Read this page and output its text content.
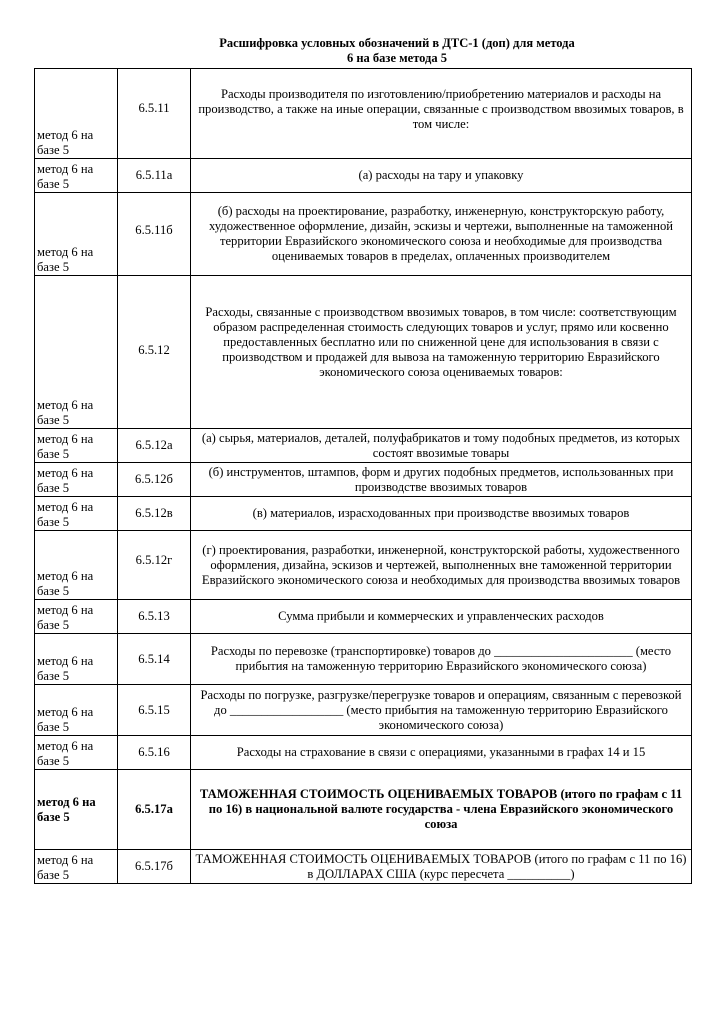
Расшифровка условных обозначений в ДТС-1 (доп) для метода
6 на базе метода 5
метод 6 на базе 5	6.5.11	Расходы производителя по изготовлению/приобретению материалов и расходы на производство, а также на иные операции, связанные с производством ввозимых товаров, в том числе:
метод 6 на базе 5	6.5.11а	(а) расходы на тару и упаковку
метод 6 на базе 5	6.5.11б	(б) расходы на проектирование, разработку, инженерную, конструкторскую работу, художественное оформление, дизайн, эскизы и чертежи, выполненные на таможенной территории Евразийского экономического союза и необходимые для производства оцениваемых товаров в пределах, оплаченных производителем
метод 6 на базе 5	6.5.12	Расходы, связанные с производством ввозимых товаров, в том числе: соответствующим образом распределенная стоимость следующих товаров и услуг, прямо или косвенно предоставленных бесплатно или по сниженной цене для использования в связи с производством и продажей для вывоза на таможенную территорию Евразийского экономического союза оцениваемых товаров:
метод 6 на базе 5	6.5.12а	(а) сырья, материалов, деталей, полуфабрикатов и тому подобных предметов, из которых состоят ввозимые товары
метод 6 на базе 5	6.5.12б	(б) инструментов, штампов, форм и других подобных предметов, использованных при производстве ввозимых товаров
метод 6 на базе 5	6.5.12в	(в) материалов, израсходованных при производстве ввозимых товаров
метод 6 на базе 5	6.5.12г	(г) проектирования, разработки, инженерной, конструкторской работы, художественного оформления, дизайна, эскизов и чертежей, выполненных вне таможенной территории Евразийского экономического союза и необходимых для производства ввозимых товаров
метод 6 на базе 5	6.5.13	Сумма прибыли и коммерческих и управленческих расходов
метод 6 на базе 5	6.5.14	Расходы по перевозке (транспортировке) товаров до ______________________ (место прибытия на таможенную территорию Евразийского экономического союза)
метод 6 на базе 5	6.5.15	Расходы по погрузке, разгрузке/перегрузке товаров и операциям, связанным с перевозкой до __________________ (место прибытия на таможенную территорию Евразийского экономического союза)
метод 6 на базе 5	6.5.16	Расходы на страхование в связи с операциями, указанными в графах 14 и 15
метод 6 на базе 5	6.5.17а	ТАМОЖЕННАЯ СТОИМОСТЬ ОЦЕНИВАЕМЫХ ТОВАРОВ (итого по графам с 11 по 16) в национальной валюте государства - члена Евразийского экономического союза
метод 6 на базе 5	6.5.17б	ТАМОЖЕННАЯ СТОИМОСТЬ ОЦЕНИВАЕМЫХ ТОВАРОВ (итого по графам с 11 по 16) в ДОЛЛАРАХ США (курс пересчета __________)
